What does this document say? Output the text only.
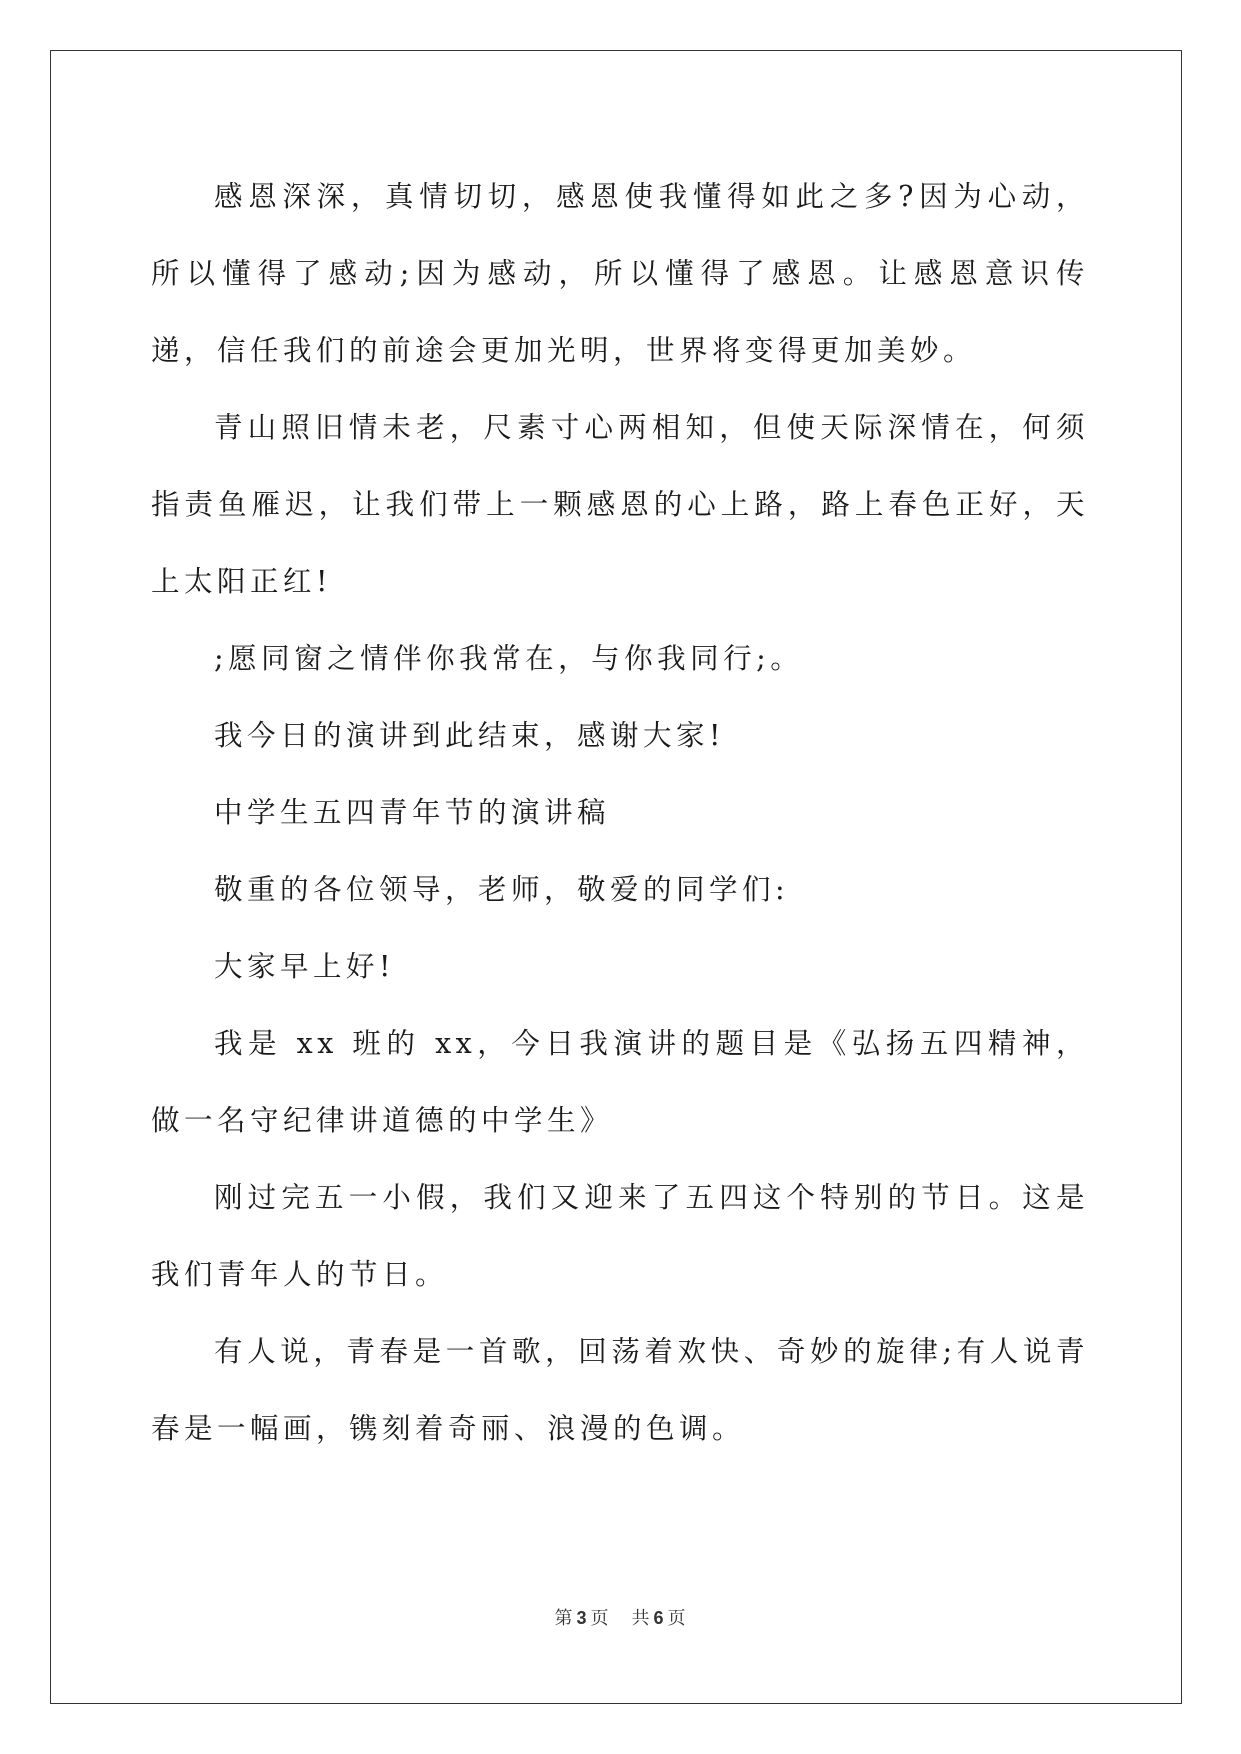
感恩深深，真情切切，感恩使我懂得如此之多?因为心动，所以懂得了感动;因为感动，所以懂得了感恩。让感恩意识传递，信任我们的前途会更加光明，世界将变得更加美妙。

青山照旧情未老，尺素寸心两相知，但使天际深情在，何须指责鱼雁迟，让我们带上一颗感恩的心上路，路上春色正好，天上太阳正红!

;愿同窗之情伴你我常在，与你我同行;。

我今日的演讲到此结束，感谢大家!

中学生五四青年节的演讲稿

敬重的各位领导，老师，敬爱的同学们:

大家早上好!

我是 xx 班的 xx，今日我演讲的题目是《弘扬五四精神，做一名守纪律讲道德的中学生》

刚过完五一小假，我们又迎来了五四这个特别的节日。这是我们青年人的节日。

有人说，青春是一首歌，回荡着欢快、奇妙的旋律;有人说青春是一幅画，镌刻着奇丽、浪漫的色调。

第 3 页 共 6 页
